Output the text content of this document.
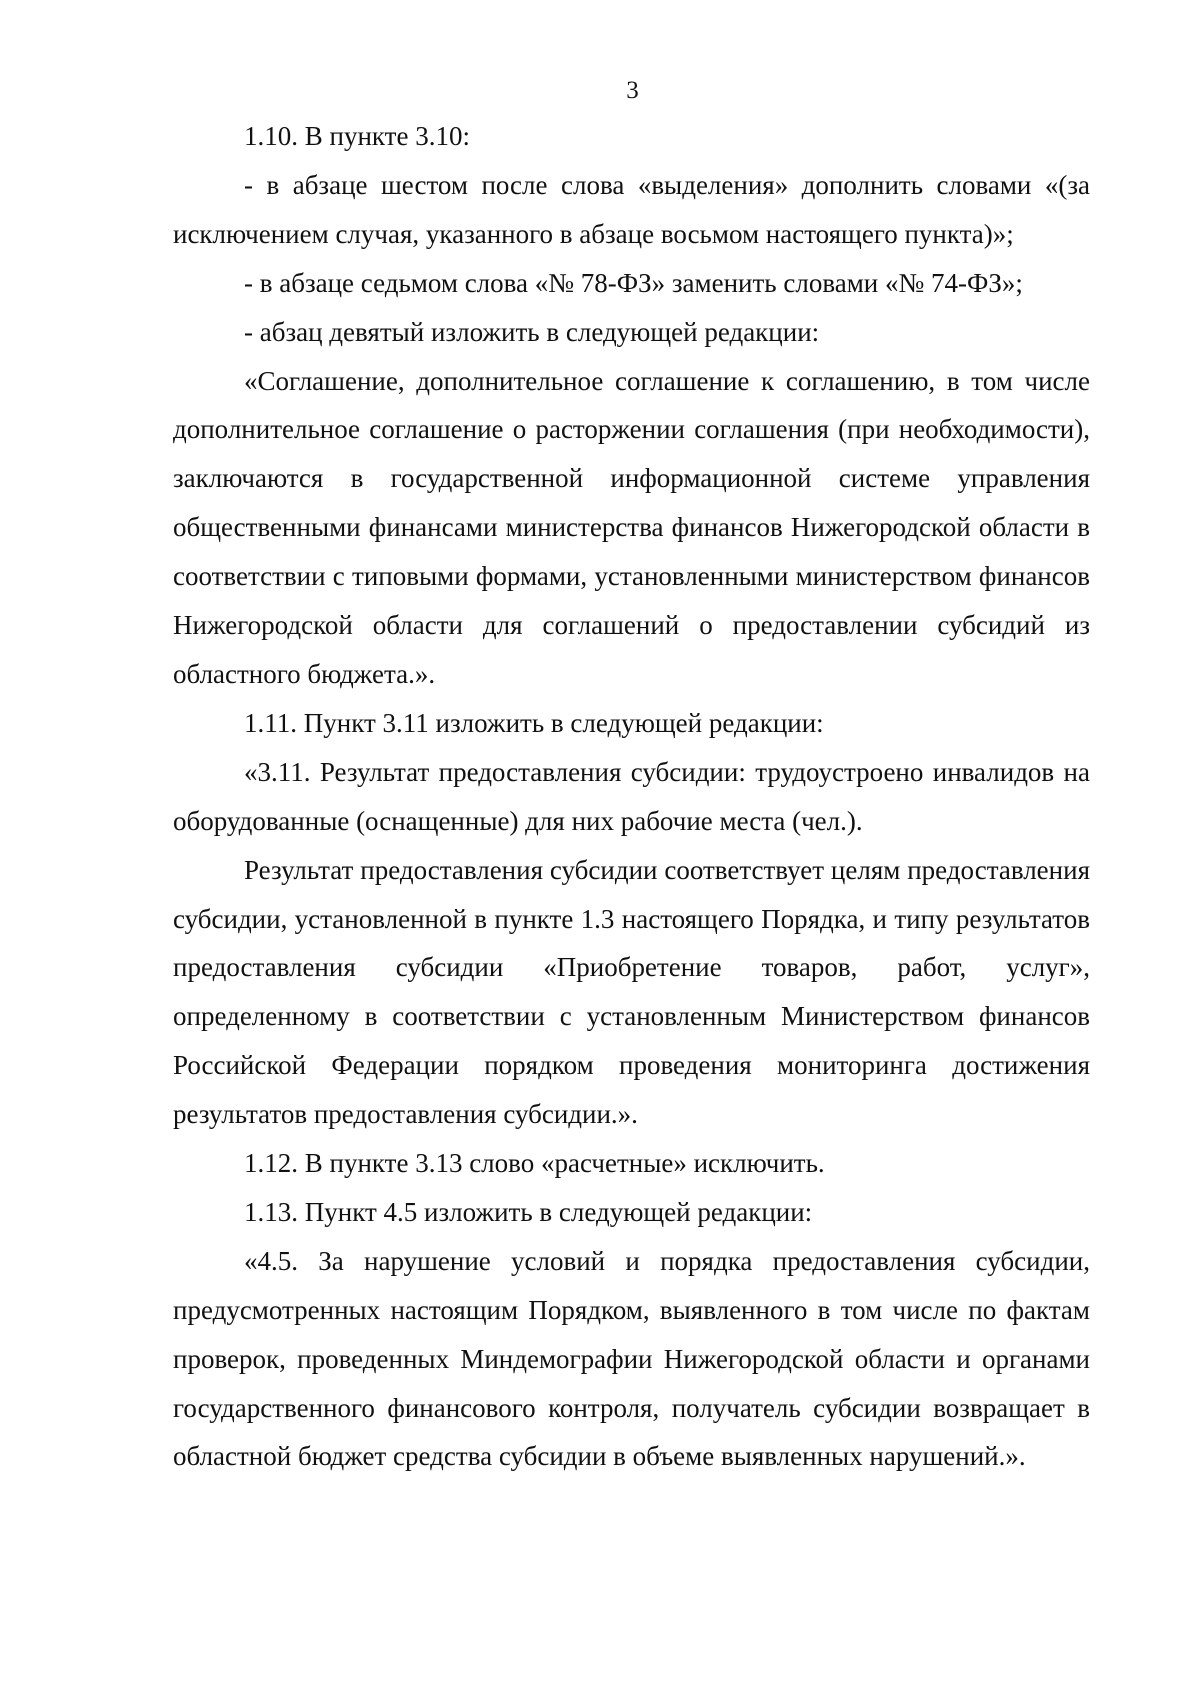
3

1.10. В пункте 3.10:

- в абзаце шестом после слова «выделения» дополнить словами «(за исключением случая, указанного в абзаце восьмом настоящего пункта)»;

- в абзаце седьмом слова «№ 78-ФЗ» заменить словами «№ 74-ФЗ»;

- абзац девятый изложить в следующей редакции:

«Соглашение, дополнительное соглашение к соглашению, в том числе дополнительное соглашение о расторжении соглашения (при необходимости), заключаются в государственной информационной системе управления общественными финансами министерства финансов Нижегородской области в соответствии с типовыми формами, установленными министерством финансов Нижегородской области для соглашений о предоставлении субсидий из областного бюджета.».

1.11. Пункт 3.11 изложить в следующей редакции:

«3.11. Результат предоставления субсидии: трудоустроено инвалидов на оборудованные (оснащенные) для них рабочие места (чел.).

Результат предоставления субсидии соответствует целям предоставления субсидии, установленной в пункте 1.3 настоящего Порядка, и типу результатов предоставления субсидии «Приобретение товаров, работ, услуг», определенному в соответствии с установленным Министерством финансов Российской Федерации порядком проведения мониторинга достижения результатов предоставления субсидии.».

1.12. В пункте 3.13 слово «расчетные» исключить.

1.13. Пункт 4.5 изложить в следующей редакции:

«4.5. За нарушение условий и порядка предоставления субсидии, предусмотренных настоящим Порядком, выявленного в том числе по фактам проверок, проведенных Миндемографии Нижегородской области и органами государственного финансового контроля, получатель субсидии возвращает в областной бюджет средства субсидии в объеме выявленных нарушений.».
